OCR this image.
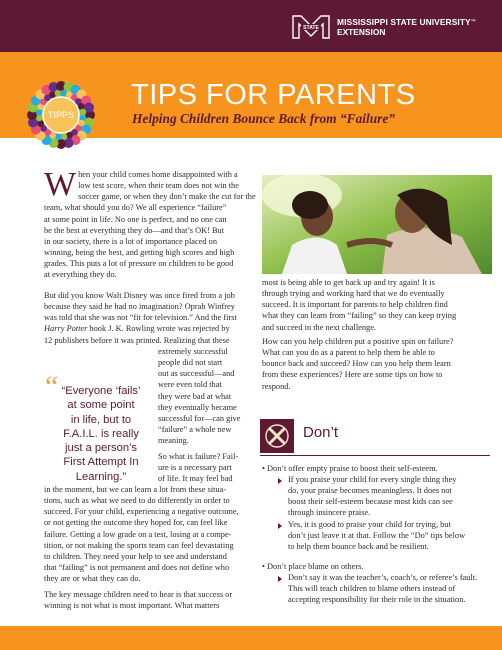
STATE
MISSISSIPPI STATE UNIVERSITY™
EXTENSION
TIPPS
TIPS FOR PARENTS
Helping Children Bounce Back from “Failure”
W hen your child comes home disappointed with a
low test score, when their team does not win the
soccer game, or when they don’t make the cut for the
team, what should you do? We all experience “failure”
at some point in life. No one is perfect, and no one can
be the best at everything they do—and that’s OK! But
in our society, there is a lot of importance placed on
winning, being the best, and getting high scores and high
grades. This puts a lot of pressure on children to be good
at everything they do.
But did you know Walt Disney was once fired from a job
because they said he had no imagination? Oprah Winfrey
was told that she was not “fit for television.” And the first
Harry Potter book J. K. Rowling wrote was rejected by
12 publishers before it was printed. Realizing that these
“ “Everyone ‘fails’
at some point
in life, but to
F.A.I.L. is really
just a person’s
First Attempt In
Learning.”
extremely successful
people did not start
out as successful—and
were even told that
they were bad at what
they eventually became
successful for—can give
“failure” a whole new
meaning.
So what is failure? Fail-
ure is a necessary part
of life. It may feel bad
in the moment, but we can learn a lot from these situa-
tions, such as what we need to do differently in order to
succeed. For your child, experiencing a negative outcome,
or not getting the outcome they hoped for, can feel like
failure. Getting a low grade on a test, losing at a compe-
tition, or not making the sports team can feel devastating
to children. They need your help to see and understand
that “failing” is not permanent and does not define who
they are or what they can do.
The key message children need to hear is that success or
winning is not what is most important. What matters
most is being able to get back up and try again! It is
through trying and working hard that we do eventually
succeed. It is important for parents to help children find
what they can learn from “failing” so they can keep trying
and succeed in the next challenge.
How can you help children put a positive spin on failure?
What can you do as a parent to help them be able to
bounce back and succeed? How can you help them learn
from these experiences? Here are some tips on how to
respond.
Don’t
• Don’t offer empty praise to boost their self-esteem.
If you praise your child for every single thing they
do, your praise becomes meaningless. It does not
boost their self-esteem because most kids can see
through insincere praise.
Yes, it is good to praise your child for trying, but
don’t just leave it at that. Follow the “Do” tips below
to help them bounce back and be resilient.
• Don’t place blame on others.
Don’t say it was the teacher’s, coach’s, or referee’s fault.
This will teach children to blame others instead of
accepting responsibility for their role in the situation.
